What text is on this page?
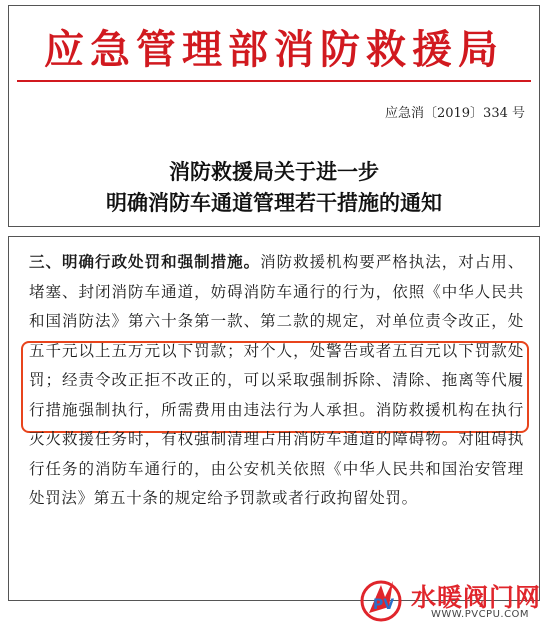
应急管理部消防救援局
应急消〔2019〕334 号
消防救援局关于进一步
明确消防车通道管理若干措施的通知
三、明确行政处罚和强制措施。消防救援机构要严格执法，对占用、堵塞、封闭消防车通道，妨碍消防车通行的行为，依照《中华人民共和国消防法》第六十条第一款、第二款的规定，对单位责令改正，处五千元以上五万元以下罚款；对个人，处警告或者五百元以下罚款处罚；经责令改正拒不改正的，可以采取强制拆除、清除、拖离等代履行措施强制执行，所需费用由违法行为人承担。消防救援机构在执行灭火救援任务时，有权强制清理占用消防车通道的障碍物。对阻碍执行任务的消防车通行的，由公安机关依照《中华人民共和国治安管理处罚法》第五十条的规定给予罚款或者行政拘留处罚。
PV 水暖阀门网
WWW.PVCPU.COM
